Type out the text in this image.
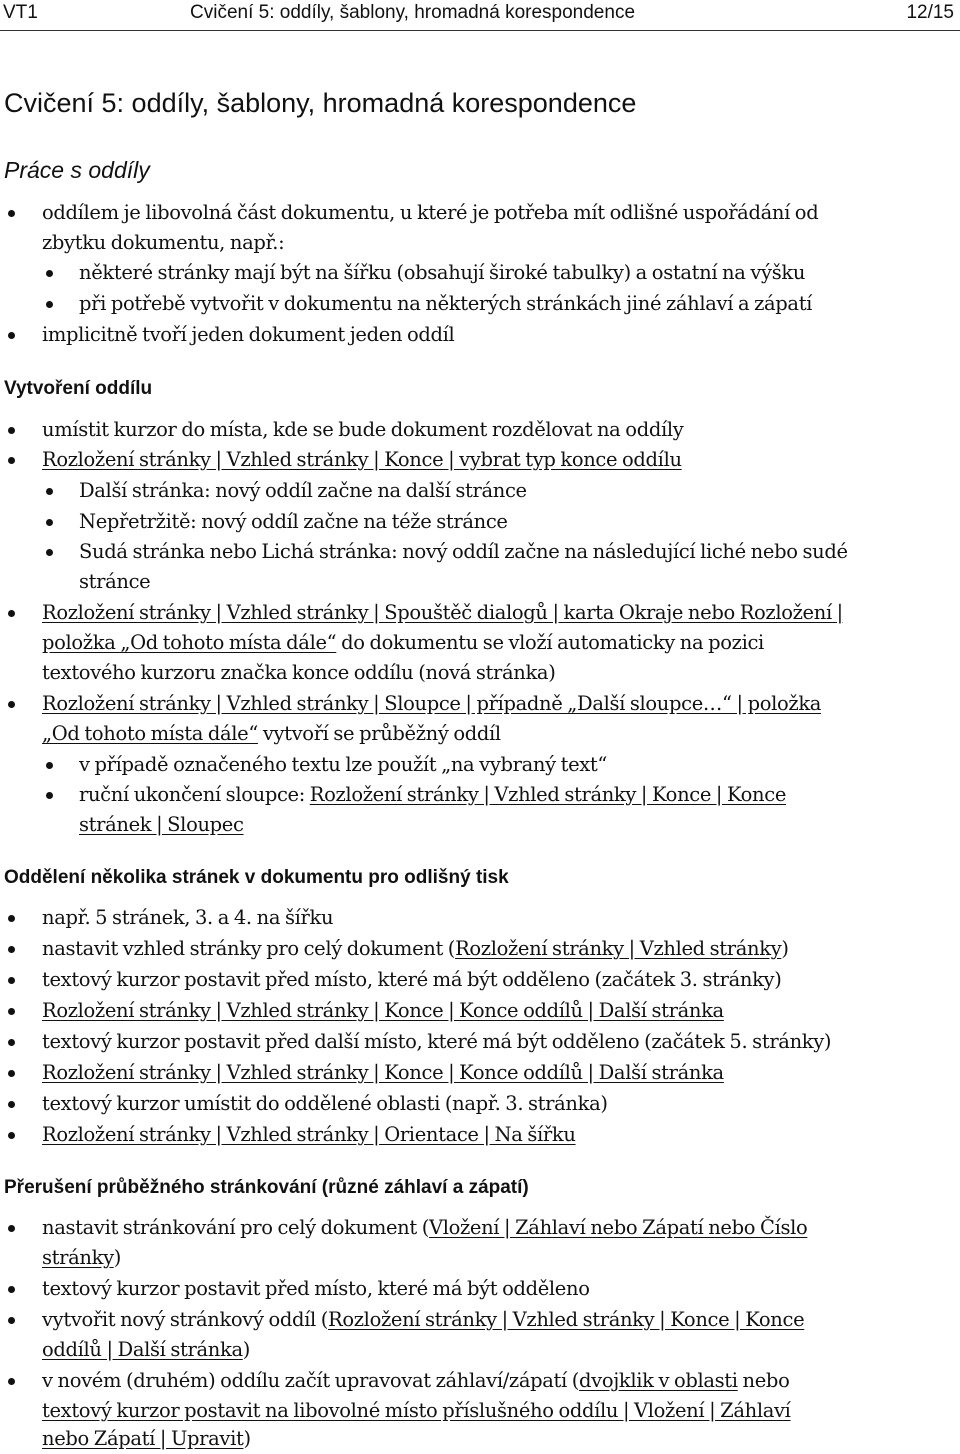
VT1	Cvičení 5: oddíly, šablony, hromadná korespondence	12/15
Cvičení 5: oddíly, šablony, hromadná korespondence
Práce s oddíly
oddílem je libovolná část dokumentu, u které je potřeba mít odlišné uspořádání od
zbytku dokumentu, např.:
některé stránky mají být na šířku (obsahují široké tabulky) a ostatní na výšku
při potřebě vytvořit v dokumentu na některých stránkách jiné záhlaví a zápatí
implicitně tvoří jeden dokument jeden oddíl
Vytvoření oddílu
umístit kurzor do místa, kde se bude dokument rozdělovat na oddíly
Rozložení stránky | Vzhled stránky | Konce | vybrat typ konce oddílu
Další stránka: nový oddíl začne na další stránce
Nepřetržitě: nový oddíl začne na téže stránce
Sudá stránka nebo Lichá stránka: nový oddíl začne na následující liché nebo sudé
stránce
Rozložení stránky | Vzhled stránky | Spouštěč dialogů | karta Okraje nebo Rozložení |
položka „Od tohoto místa dále“ do dokumentu se vloží automaticky na pozici
textového kurzoru značka konce oddílu (nová stránka)
Rozložení stránky | Vzhled stránky | Sloupce | případně „Další sloupce…“ | položka
„Od tohoto místa dále“ vytvoří se průběžný oddíl
v případě označeného textu lze použít „na vybraný text“
ruční ukončení sloupce: Rozložení stránky | Vzhled stránky | Konce | Konce
stránek | Sloupec
Oddělení několika stránek v dokumentu pro odlišný tisk
např. 5 stránek, 3. a 4. na šířku
nastavit vzhled stránky pro celý dokument (Rozložení stránky | Vzhled stránky)
textový kurzor postavit před místo, které má být odděleno (začátek 3. stránky)
Rozložení stránky | Vzhled stránky | Konce | Konce oddílů | Další stránka
textový kurzor postavit před další místo, které má být odděleno (začátek 5. stránky)
Rozložení stránky | Vzhled stránky | Konce | Konce oddílů | Další stránka
textový kurzor umístit do oddělené oblasti (např. 3. stránka)
Rozložení stránky | Vzhled stránky | Orientace | Na šířku
Přerušení průběžného stránkování (různé záhlaví a zápatí)
nastavit stránkování pro celý dokument (Vložení | Záhlaví nebo Zápatí nebo Číslo
stránky)
textový kurzor postavit před místo, které má být odděleno
vytvořit nový stránkový oddíl (Rozložení stránky | Vzhled stránky | Konce | Konce
oddílů | Další stránka)
v novém (druhém) oddílu začít upravovat záhlaví/zápatí (dvojklik v oblasti nebo
textový kurzor postavit na libovolné místo příslušného oddílu | Vložení | Záhlaví
nebo Zápatí | Upravit)
